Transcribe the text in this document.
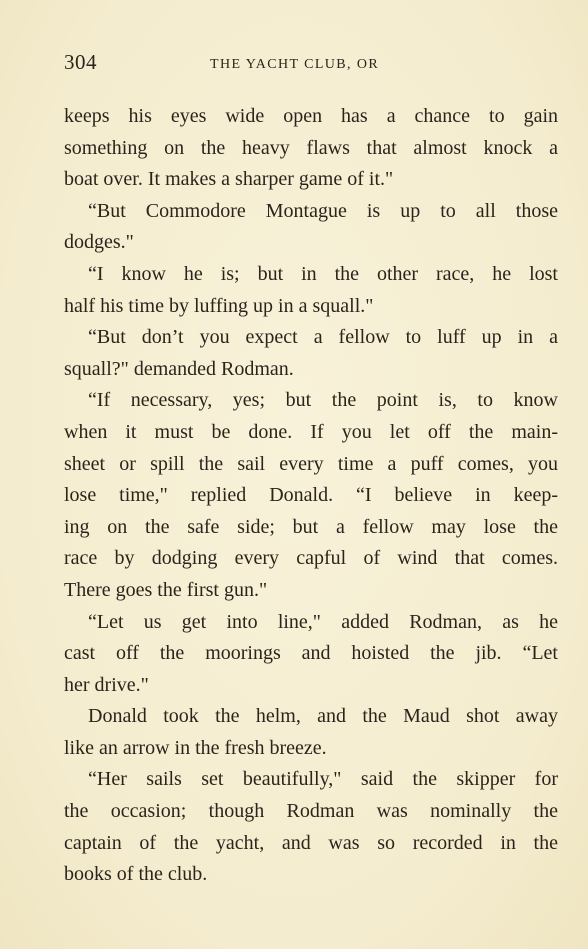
304	THE YACHT CLUB, OR
keeps his eyes wide open has a chance to gain
something on the heavy flaws that almost knock a
boat over. It makes a sharper game of it."
“But Commodore Montague is up to all those
dodges."
“I know he is; but in the other race, he lost
half his time by luffing up in a squall."
“But don’t you expect a fellow to luff up in a
squall?" demanded Rodman.
“If necessary, yes; but the point is, to know
when it must be done. If you let off the main-
sheet or spill the sail every time a puff comes, you
lose time," replied Donald. “I believe in keep-
ing on the safe side; but a fellow may lose the
race by dodging every capful of wind that comes.
There goes the first gun."
“Let us get into line," added Rodman, as he
cast off the moorings and hoisted the jib. “Let
her drive."
Donald took the helm, and the Maud shot away
like an arrow in the fresh breeze.
“Her sails set beautifully," said the skipper for
the occasion; though Rodman was nominally the
captain of the yacht, and was so recorded in the
books of the club.
